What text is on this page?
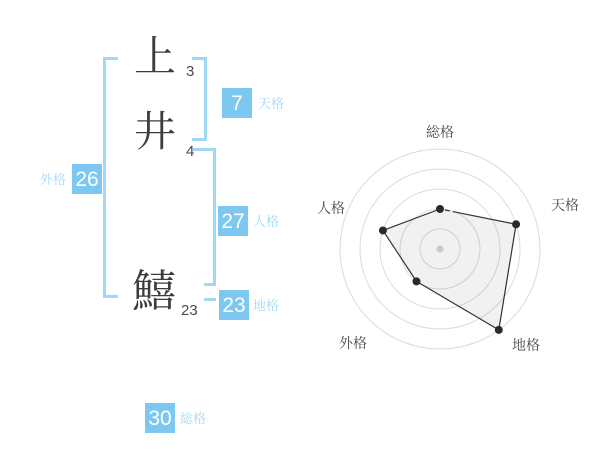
上 3
井 4
鱚 23
外格 26
7	天格
27 人格
23 地格
30 総格
総格
天格
地格
外格
人格
